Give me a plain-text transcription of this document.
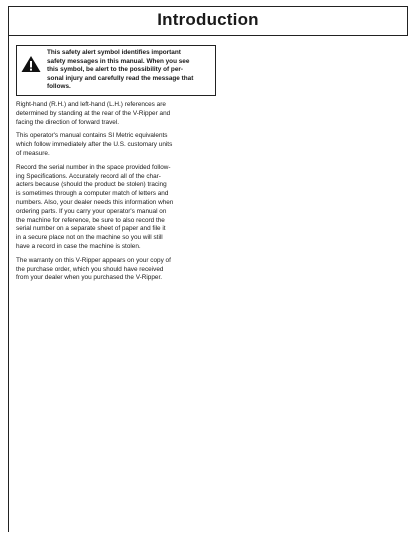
Introduction

This safety alert symbol identifies important
safety messages in this manual. When you see
this symbol, be alert to the possibility of per-
sonal injury and carefully read the message that
follows.

Right-hand (R.H.) and left-hand (L.H.) references are
determined by standing at the rear of the V-Ripper and
facing the direction of forward travel.

This operator's manual contains SI Metric equivalents
which follow immediately after the U.S. customary units
of measure.

Record the serial number in the space provided follow-
ing Specifications. Accurately record all of the char-
acters because (should the product be stolen) tracing
is sometimes through a computer match of letters and
numbers. Also, your dealer needs this information when
ordering parts. If you carry your operator's manual on
the machine for reference, be sure to also record the
serial number on a separate sheet of paper and file it
in a secure place not on the machine so you will still
have a record in case the machine is stolen.

The warranty on this V-Ripper appears on your copy of
the purchase order, which you should have received
from your dealer when you purchased the V-Ripper.
